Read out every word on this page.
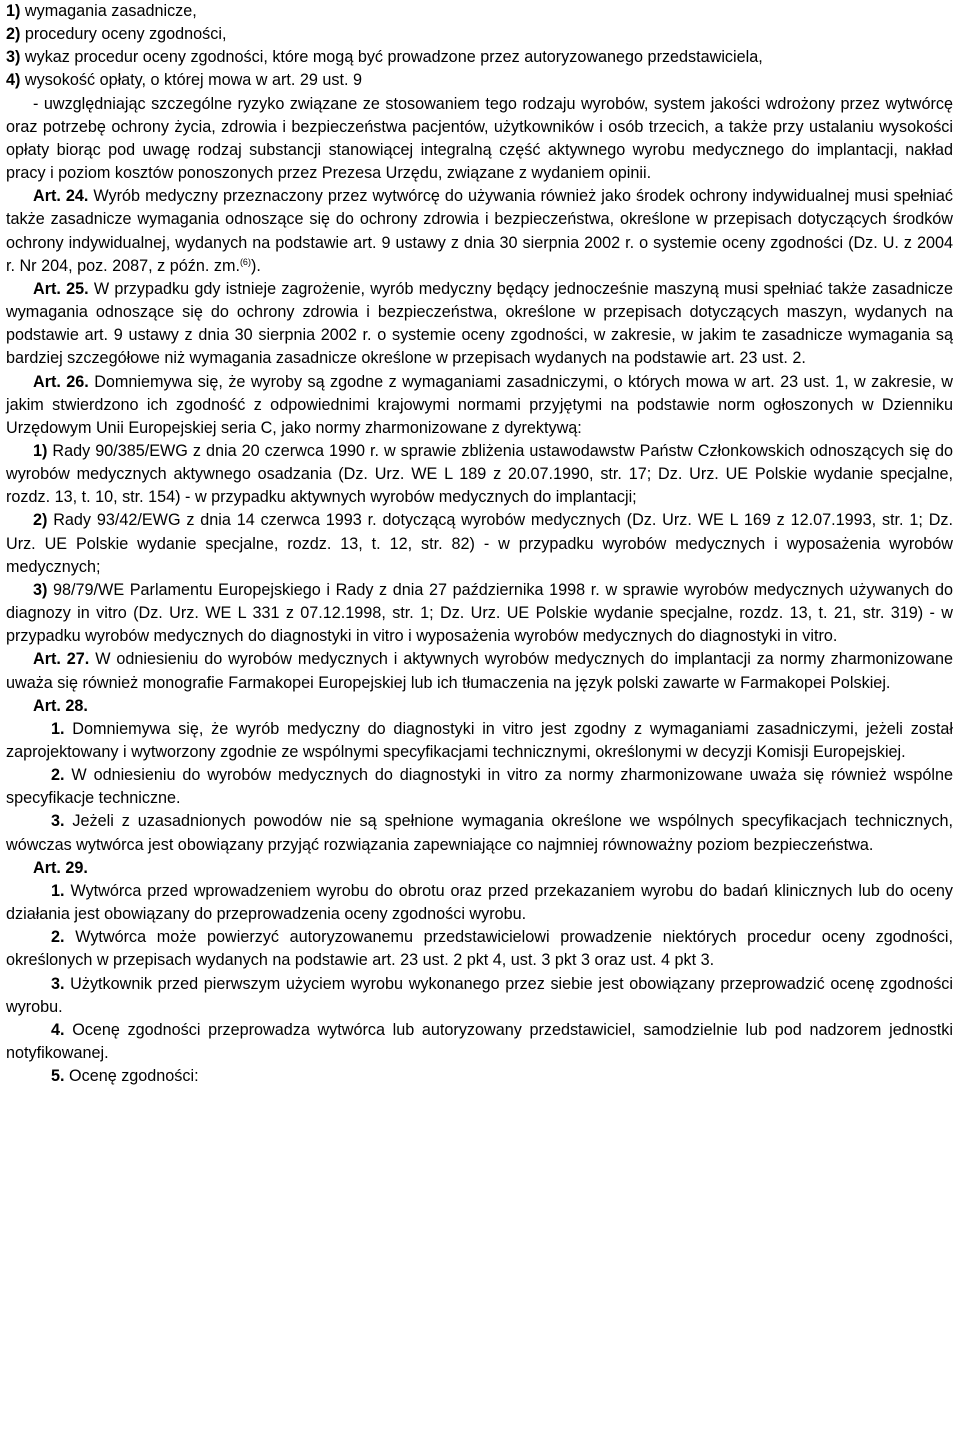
1) wymagania zasadnicze,

2) procedury oceny zgodności,

3) wykaz procedur oceny zgodności, które mogą być prowadzone przez autoryzowanego przedstawiciela,

4) wysokość opłaty, o której mowa w art. 29 ust. 9

- uwzględniając szczególne ryzyko związane ze stosowaniem tego rodzaju wyrobów, system jakości wdrożony przez wytwórcę oraz potrzebę ochrony życia, zdrowia i bezpieczeństwa pacjentów, użytkowników i osób trzecich, a także przy ustalaniu wysokości opłaty biorąc pod uwagę rodzaj substancji stanowiącej integralną część aktywnego wyrobu medycznego do implantacji, nakład pracy i poziom kosztów ponoszonych przez Prezesa Urzędu, związane z wydaniem opinii.

Art. 24. Wyrób medyczny przeznaczony przez wytwórcę do używania również jako środek ochrony indywidualnej musi spełniać także zasadnicze wymagania odnoszące się do ochrony zdrowia i bezpieczeństwa, określone w przepisach dotyczących środków ochrony indywidualnej, wydanych na podstawie art. 9 ustawy z dnia 30 sierpnia 2002 r. o systemie oceny zgodności (Dz. U. z 2004 r. Nr 204, poz. 2087, z późn. zm.$^{(6)}$).

Art. 25. W przypadku gdy istnieje zagrożenie, wyrób medyczny będący jednocześnie maszyną musi spełniać także zasadnicze wymagania odnoszące się do ochrony zdrowia i bezpieczeństwa, określone w przepisach dotyczących maszyn, wydanych na podstawie art. 9 ustawy z dnia 30 sierpnia 2002 r. o systemie oceny zgodności, w zakresie, w jakim te zasadnicze wymagania są bardziej szczegółowe niż wymagania zasadnicze określone w przepisach wydanych na podstawie art. 23 ust. 2.

Art. 26. Domniemywa się, że wyroby są zgodne z wymaganiami zasadniczymi, o których mowa w art. 23 ust. 1, w zakresie, w jakim stwierdzono ich zgodność z odpowiednimi krajowymi normami przyjętymi na podstawie norm ogłoszonych w Dzienniku Urzędowym Unii Europejskiej seria C, jako normy zharmonizowane z dyrektywą:

1) Rady 90/385/EWG z dnia 20 czerwca 1990 r. w sprawie zbliżenia ustawodawstw Państw Członkowskich odnoszących się do wyrobów medycznych aktywnego osadzania (Dz. Urz. WE L 189 z 20.07.1990, str. 17; Dz. Urz. UE Polskie wydanie specjalne, rozdz. 13, t. 10, str. 154) - w przypadku aktywnych wyrobów medycznych do implantacji;

2) Rady 93/42/EWG z dnia 14 czerwca 1993 r. dotyczącą wyrobów medycznych (Dz. Urz. WE L 169 z 12.07.1993, str. 1; Dz. Urz. UE Polskie wydanie specjalne, rozdz. 13, t. 12, str. 82) - w przypadku wyrobów medycznych i wyposażenia wyrobów medycznych;

3) 98/79/WE Parlamentu Europejskiego i Rady z dnia 27 października 1998 r. w sprawie wyrobów medycznych używanych do diagnozy in vitro (Dz. Urz. WE L 331 z 07.12.1998, str. 1; Dz. Urz. UE Polskie wydanie specjalne, rozdz. 13, t. 21, str. 319) - w przypadku wyrobów medycznych do diagnostyki in vitro i wyposażenia wyrobów medycznych do diagnostyki in vitro.

Art. 27. W odniesieniu do wyrobów medycznych i aktywnych wyrobów medycznych do implantacji za normy zharmonizowane uważa się również monografie Farmakopei Europejskiej lub ich tłumaczenia na język polski zawarte w Farmakopei Polskiej.

Art. 28.

1. Domniemywa się, że wyrób medyczny do diagnostyki in vitro jest zgodny z wymaganiami zasadniczymi, jeżeli został zaprojektowany i wytworzony zgodnie ze wspólnymi specyfikacjami technicznymi, określonymi w decyzji Komisji Europejskiej.

2. W odniesieniu do wyrobów medycznych do diagnostyki in vitro za normy zharmonizowane uważa się również wspólne specyfikacje techniczne.

3. Jeżeli z uzasadnionych powodów nie są spełnione wymagania określone we wspólnych specyfikacjach technicznych, wówczas wytwórca jest obowiązany przyjąć rozwiązania zapewniające co najmniej równoważny poziom bezpieczeństwa.

Art. 29.

1. Wytwórca przed wprowadzeniem wyrobu do obrotu oraz przed przekazaniem wyrobu do badań klinicznych lub do oceny działania jest obowiązany do przeprowadzenia oceny zgodności wyrobu.

2. Wytwórca może powierzyć autoryzowanemu przedstawicielowi prowadzenie niektórych procedur oceny zgodności, określonych w przepisach wydanych na podstawie art. 23 ust. 2 pkt 4, ust. 3 pkt 3 oraz ust. 4 pkt 3.

3. Użytkownik przed pierwszym użyciem wyrobu wykonanego przez siebie jest obowiązany przeprowadzić ocenę zgodności wyrobu.

4. Ocenę zgodności przeprowadza wytwórca lub autoryzowany przedstawiciel, samodzielnie lub pod nadzorem jednostki notyfikowanej.

5. Ocenę zgodności:
